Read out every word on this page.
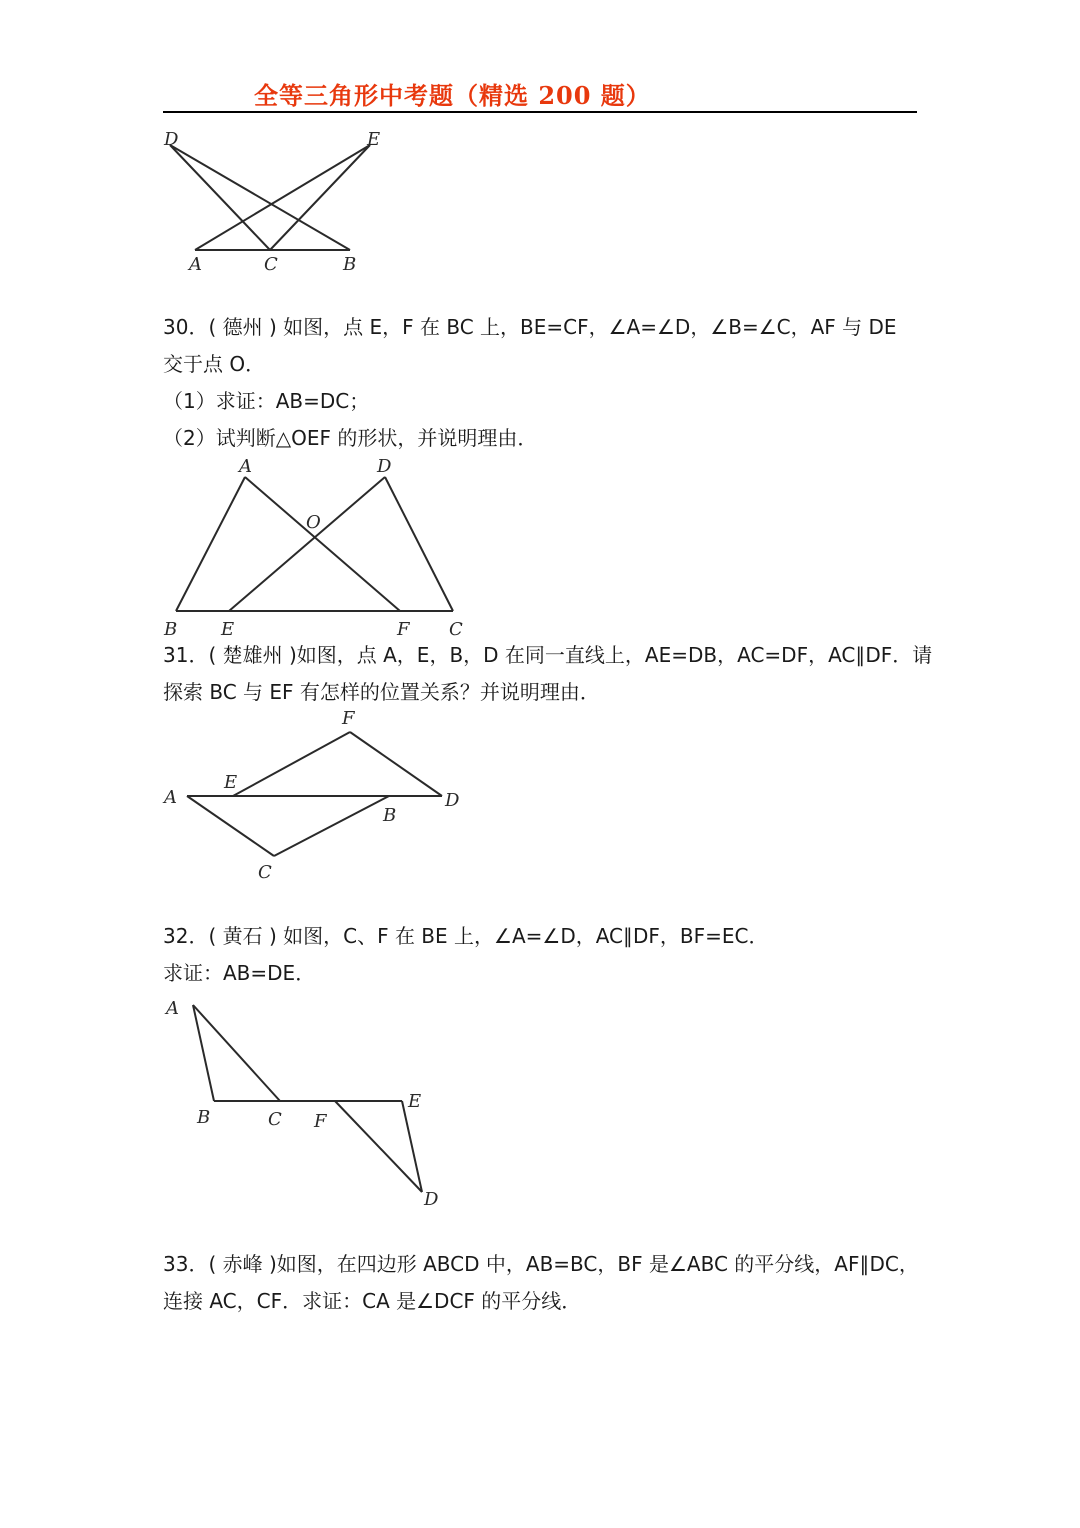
全等三角形中考题（精选 200 题）
D	E
A	C	B
30．( 德州 ) 如图，点 E，F 在 BC 上，BE=CF，∠A=∠D，∠B=∠C，AF 与 DE
交于点 O．
（1）求证：AB=DC；
（2）试判断△OEF 的形状，并说明理由．
A	D
O
B E	F C
31．( 楚雄州 )如图，点 A，E，B，D 在同一直线上，AE=DB，AC=DF，AC∥DF．请
探索 BC 与 EF 有怎样的位置关系？并说明理由．
F
A
E
D
B
C
32．( 黄石 ) 如图，C、F 在 BE 上，∠A=∠D，AC∥DF，BF=EC．
求证：AB=DE．
A
B	C F
E
D
33．( 赤峰 )如图，在四边形 ABCD 中，AB=BC，BF 是∠ABC 的平分线，AF∥DC，
连接 AC，CF．求证：CA 是∠DCF 的平分线．
